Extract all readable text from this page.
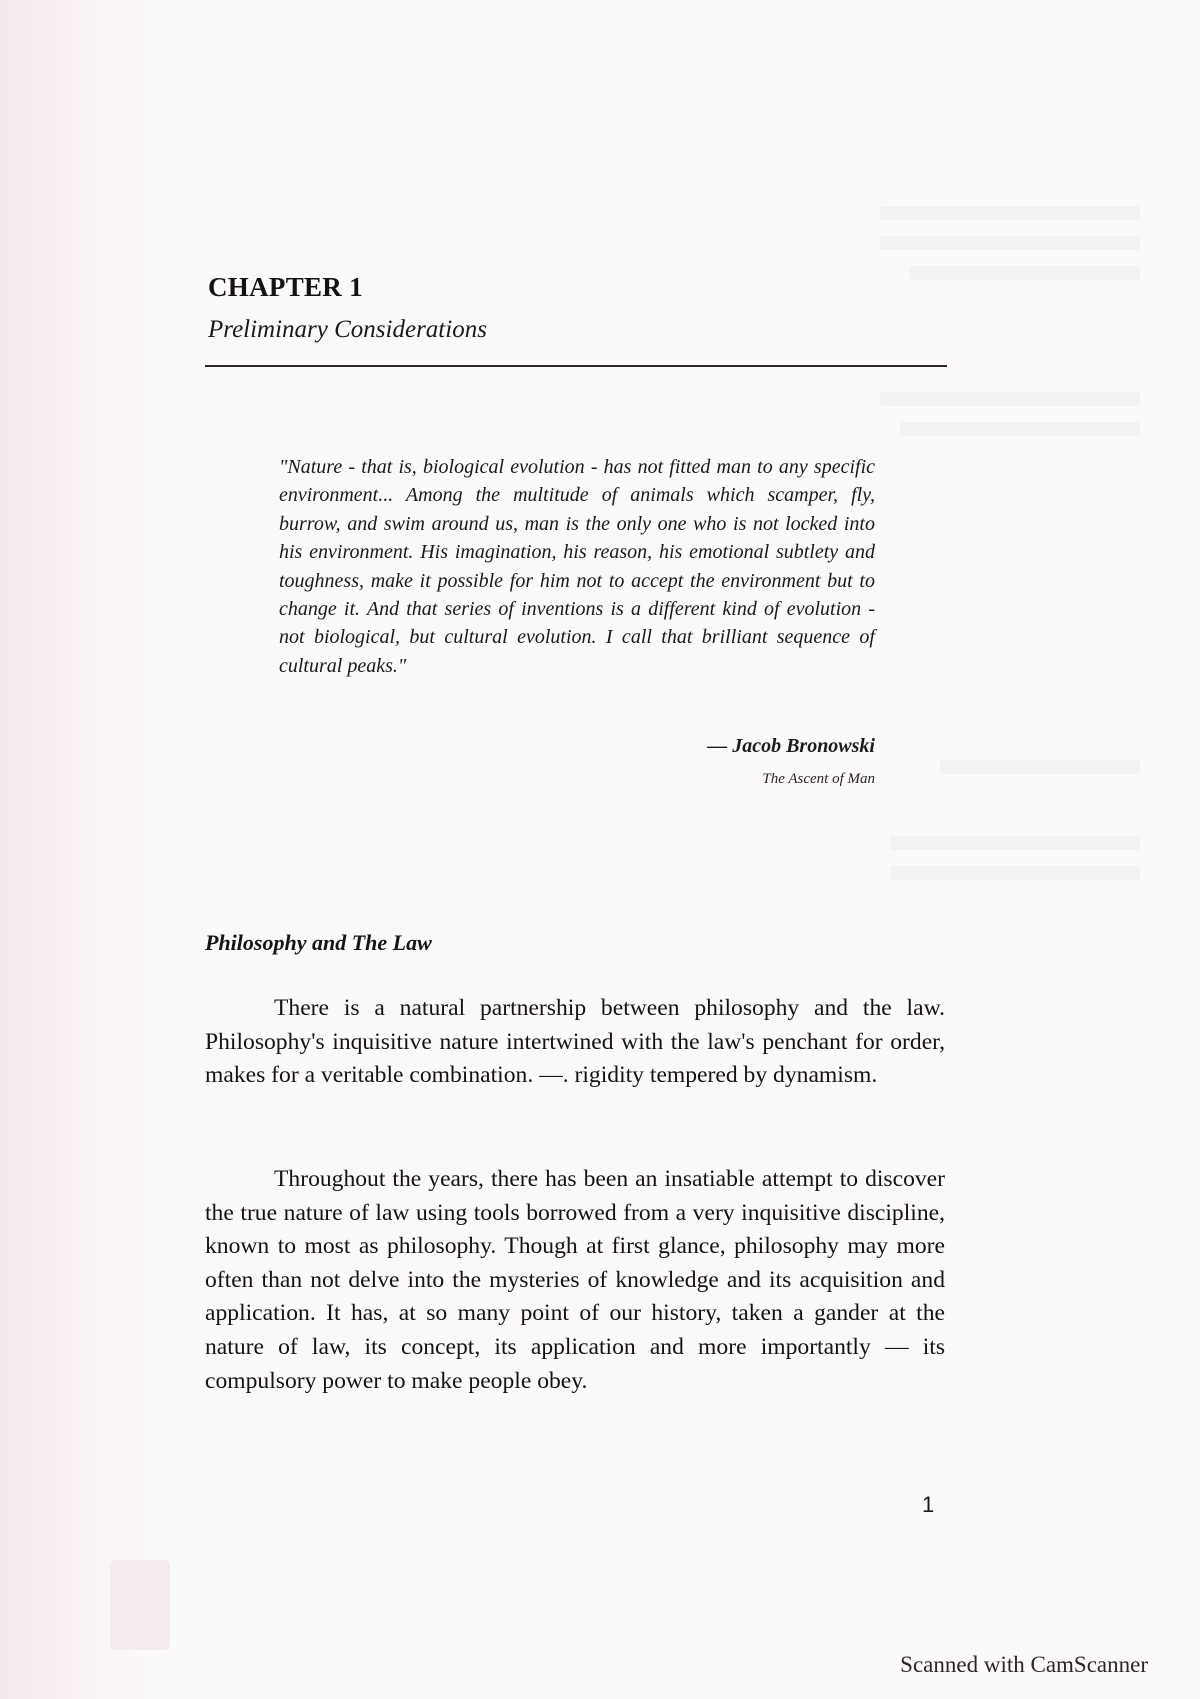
CHAPTER 1
Preliminary Considerations

"Nature - that is, biological evolution - has not fitted man to any specific environment... Among the multitude of animals which scamper, fly, burrow, and swim around us, man is the only one who is not locked into his environment. His imagination, his reason, his emotional subtlety and toughness, make it possible for him not to accept the environment but to change it. And that series of inventions is a different kind of evolution - not biological, but cultural evolution. I call that brilliant sequence of cultural peaks."

— Jacob Bronowski
The Ascent of Man
Philosophy and The Law

There is a natural partnership between philosophy and the law. Philosophy's inquisitive nature intertwined with the law's penchant for order, makes for a veritable combination. —. rigidity tempered by dynamism.

Throughout the years, there has been an insatiable attempt to discover the true nature of law using tools borrowed from a very inquisitive discipline, known to most as philosophy. Though at first glance, philosophy may more often than not delve into the mysteries of knowledge and its acquisition and application. It has, at so many point of our history, taken a gander at the nature of law, its concept, its application and more importantly — its compulsory power to make people obey.

1
Scanned with CamScanner
